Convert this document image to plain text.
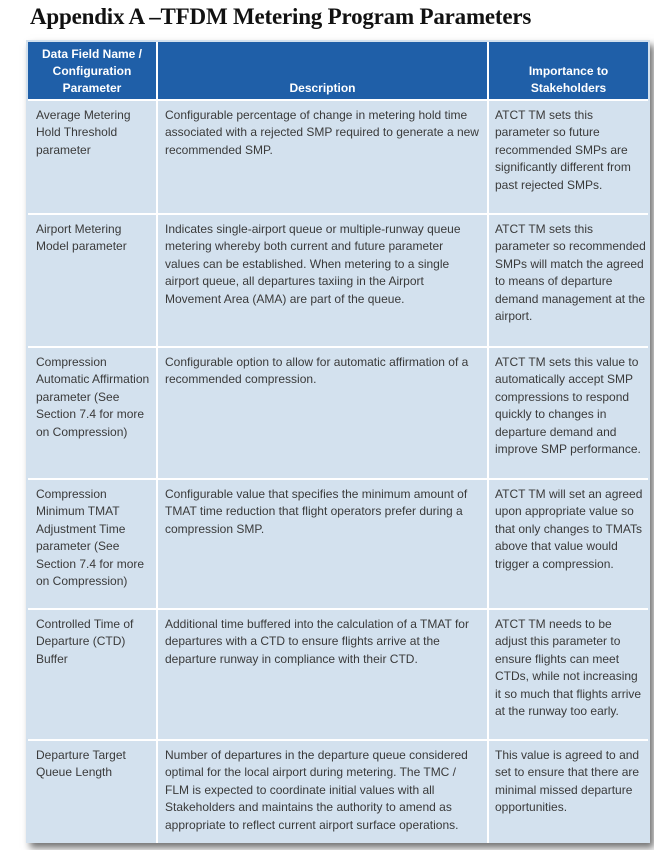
Appendix A –TFDM Metering Program Parameters
Data Field Name / Configuration Parameter	Description	Importance to Stakeholders
Average Metering Hold Threshold parameter	Configurable percentage of change in metering hold time associated with a rejected SMP required to generate a new recommended SMP.	ATCT TM sets this parameter so future recommended SMPs are significantly different from past rejected SMPs.
Airport Metering Model parameter	Indicates single-airport queue or multiple-runway queue metering whereby both current and future parameter values can be established. When metering to a single airport queue, all departures taxiing in the Airport Movement Area (AMA) are part of the queue.	ATCT TM sets this parameter so recommended SMPs will match the agreed to means of departure demand management at the airport.
Compression Automatic Affirmation parameter (See Section 7.4 for more on Compression)	Configurable option to allow for automatic affirmation of a recommended compression.	ATCT TM sets this value to automatically accept SMP compressions to respond quickly to changes in departure demand and improve SMP performance.
Compression Minimum TMAT Adjustment Time parameter (See Section 7.4 for more on Compression)	Configurable value that specifies the minimum amount of TMAT time reduction that flight operators prefer during a compression SMP.	ATCT TM will set an agreed upon appropriate value so that only changes to TMATs above that value would trigger a compression.
Controlled Time of Departure (CTD) Buffer	Additional time buffered into the calculation of a TMAT for departures with a CTD to ensure flights arrive at the departure runway in compliance with their CTD.	ATCT TM needs to be adjust this parameter to ensure flights can meet CTDs, while not increasing it so much that flights arrive at the runway too early.
Departure Target Queue Length	Number of departures in the departure queue considered optimal for the local airport during metering. The TMC / FLM is expected to coordinate initial values with all Stakeholders and maintains the authority to amend as appropriate to reflect current airport surface operations.	This value is agreed to and set to ensure that there are minimal missed departure opportunities.
